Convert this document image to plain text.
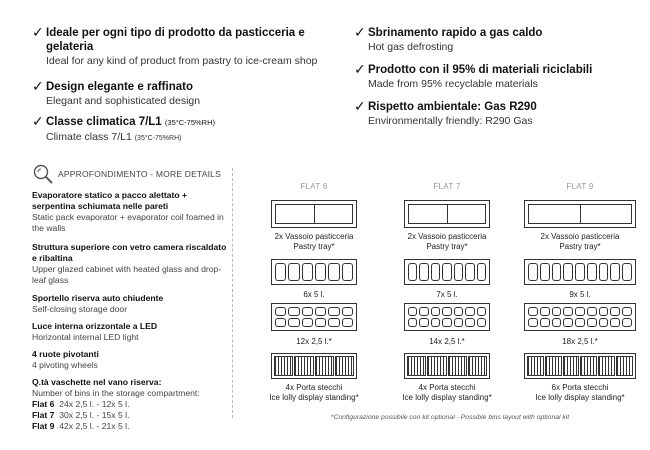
✓ Ideale per ogni tipo di prodotto da pasticceria e gelateria
Ideal for any kind of product from pastry to ice-cream shop
✓ Design elegante e raffinato
Elegant and sophisticated design
✓ Classe climatica 7/L1 (35°C-75%RH)
Climate class 7/L1 (35°C-75%RH)
✓ Sbrinamento rapido a gas caldo
Hot gas defrosting
✓ Prodotto con il 95% di materiali riciclabili
Made from 95% recyclable materials
✓ Rispetto ambientale: Gas R290
Environmentally friendly: R290 Gas
APPROFONDIMENTO - MORE DETAILS
Evaporatore statico a pacco alettato + serpentina schiumata nelle pareti
Static pack evaporator + evaporator coil foamed in the walls
Struttura superiore con vetro camera riscaldato e ribaltina
Upper glazed cabinet with heated glass and drop-leaf glass
Sportello riserva auto chiudente
Self-closing storage door
Luce interna orizzontale a LED
Horizontal internal LED light
4 ruote pivotanti
4 pivoting wheels
Q.tà vaschette nel vano riserva:
Number of bins in the storage compartment:
Flat 6 24x 2,5 l. - 12x 5 l.
Flat 7 30x 2,5 l. - 15x 5 l.
Flat 9 42x 2,5 l. - 21x 5 l.
FLAT 6
2x Vassoio pasticceria
Pastry tray*
6x 5 l.
12x 2,5 l.*
4x Porta stecchi
Ice lolly display standing*
FLAT 7
2x Vassoio pasticceria
Pastry tray*
7x 5 l.
14x 2,5 l.*
4x Porta stecchi
Ice lolly display standing*
FLAT 9
2x Vassoio pasticceria
Pastry tray*
9x 5 l.
18x 2,5 l.*
6x Porta stecchi
Ice lolly display standing*
*Configurazione possibile con kit optional - Possible bins layout with optional kit
